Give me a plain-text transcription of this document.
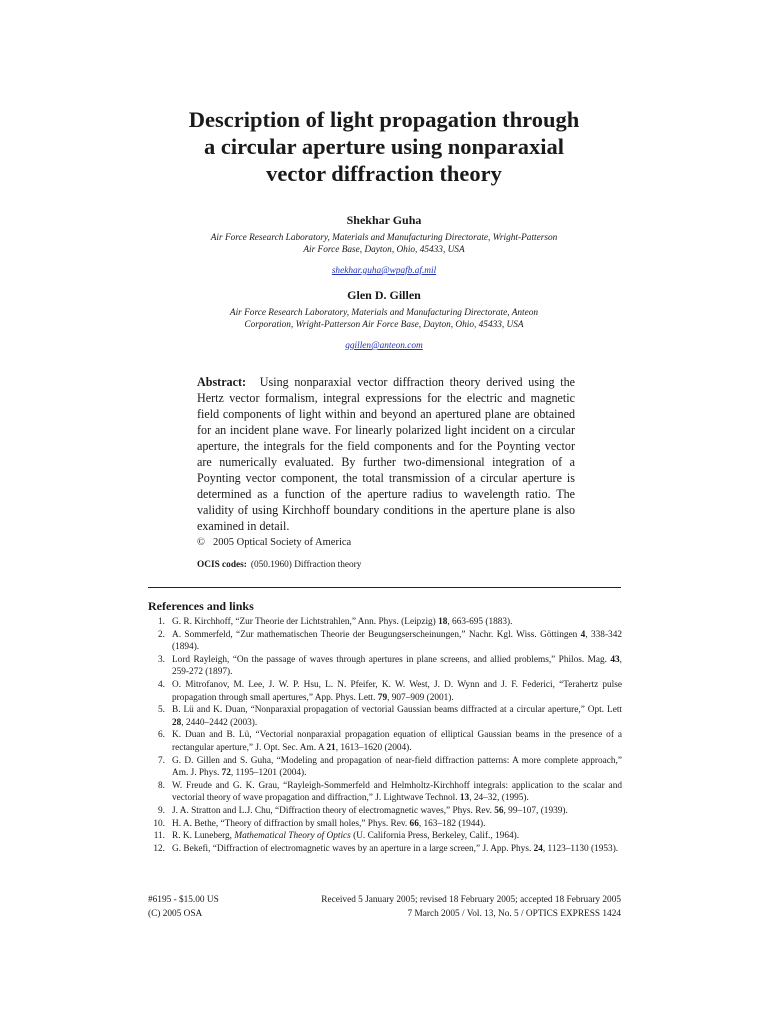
Description of light propagation through
a circular aperture using nonparaxial
vector diffraction theory
Shekhar Guha
Air Force Research Laboratory, Materials and Manufacturing Directorate, Wright-Patterson
Air Force Base, Dayton, Ohio, 45433, USA
shekhar.guha@wpafb.af.mil
Glen D. Gillen
Air Force Research Laboratory, Materials and Manufacturing Directorate, Anteon
Corporation, Wright-Patterson Air Force Base, Dayton, Ohio, 45433, USA
ggillen@anteon.com
Abstract: Using nonparaxial vector diffraction theory derived using the Hertz vector formalism, integral expressions for the electric and magnetic field components of light within and beyond an apertured plane are obtained for an incident plane wave. For linearly polarized light incident on a circular aperture, the integrals for the field components and for the Poynting vector are numerically evaluated. By further two-dimensional integration of a Poynting vector component, the total transmission of a circular aperture is determined as a function of the aperture radius to wavelength ratio. The validity of using Kirchhoff boundary conditions in the aperture plane is also examined in detail.
© 2005 Optical Society of America
OCIS codes: (050.1960) Diffraction theory
References and links
1. G. R. Kirchhoff, “Zur Theorie der Lichtstrahlen,” Ann. Phys. (Leipzig) 18, 663-695 (1883).
2. A. Sommerfeld, “Zur mathematischen Theorie der Beugungserscheinungen,” Nachr. Kgl. Wiss. Göttingen 4, 338-342 (1894).
3. Lord Rayleigh, “On the passage of waves through apertures in plane screens, and allied problems,” Philos. Mag. 43, 259-272 (1897).
4. O. Mitrofanov, M. Lee, J. W. P. Hsu, L. N. Pfeifer, K. W. West, J. D. Wynn and J. F. Federici, “Terahertz pulse propagation through small apertures,” App. Phys. Lett. 79, 907–909 (2001).
5. B. Lü and K. Duan, “Nonparaxial propagation of vectorial Gaussian beams diffracted at a circular aperture,” Opt. Lett 28, 2440–2442 (2003).
6. K. Duan and B. Lü, “Vectorial nonparaxial propagation equation of elliptical Gaussian beams in the presence of a rectangular aperture,” J. Opt. Sec. Am. A 21, 1613–1620 (2004).
7. G. D. Gillen and S. Guha, “Modeling and propagation of near-field diffraction patterns: A more complete approach,” Am. J. Phys. 72, 1195–1201 (2004).
8. W. Freude and G. K. Grau, “Rayleigh-Sommerfeld and Helmholtz-Kirchhoff integrals: application to the scalar and vectorial theory of wave propagation and diffraction,” J. Lightwave Technol. 13, 24–32, (1995).
9. J. A. Stratton and L.J. Chu, “Diffraction theory of electromagnetic waves,” Phys. Rev. 56, 99–107, (1939).
10. H. A. Bethe, “Theory of diffraction by small holes,” Phys. Rev. 66, 163–182 (1944).
11. R. K. Luneberg, Mathematical Theory of Optics (U. California Press, Berkeley, Calif., 1964).
12. G. Bekefi, “Diffraction of electromagnetic waves by an aperture in a large screen,” J. App. Phys. 24, 1123–1130 (1953).
#6195 - $15.00 US
(C) 2005 OSA
Received 5 January 2005; revised 18 February 2005; accepted 18 February 2005
7 March 2005 / Vol. 13, No. 5 / OPTICS EXPRESS 1424
